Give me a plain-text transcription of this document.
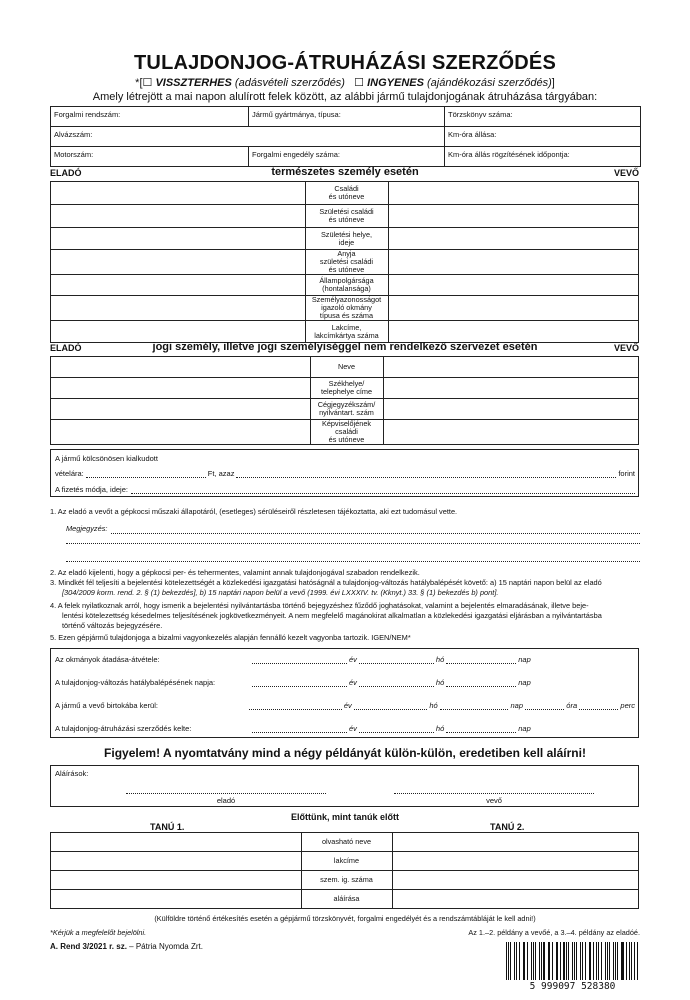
TULAJDONJOG-ÁTRUHÁZÁSI SZERZŐDÉS
*[☐ VISSZTERHES (adásvételi szerződés) ☐ INGYENES (ajándékozási szerződés)]
Amely létrejött a mai napon alulírott felek között, az alábbi jármű tulajdonjogának átruházása tárgyában:
Forgalmi rendszám:	Jármű gyártmánya, típusa:	Törzskönyv száma:
Alvázszám:	Km-óra állása:
Motorszám:	Forgalmi engedély száma:	Km-óra állás rögzítésének időpontja:
ELADÓ	természetes személy esetén	VEVŐ
	Családi
és utóneve	
	Születési családi
és utóneve	
	Születési helye,
ideje	
	Anyja
születési családi
és utóneve	
	Állampolgársága
(hontalansága)	
	Személyazonosságot
igazoló okmány
típusa és száma	
	Lakcíme,
lakcímkártya száma	
ELADÓ	jogi személy, illetve jogi személyiséggel nem rendelkező szervezet esetén	VEVŐ
	Neve	
	Székhelye/
telephelye címe	
	Cégjegyzékszám/
nyilvántart. szám	
	Képviselőjének
családi
és utóneve	
A jármű kölcsönösen kialkudott
vételára:	Ft, azaz	forint
A fizetés módja, ideje:
1. Az eladó a vevőt a gépkocsi műszaki állapotáról, (esetleges) sérüléseiről részletesen tájékoztatta, aki ezt tudomásul vette.
Megjegyzés:
2. Az eladó kijelenti, hogy a gépkocsi per- és tehermentes, valamint annak tulajdonjogával szabadon rendelkezik.
3. Mindkét fél teljesíti a bejelentési kötelezettségét a közlekedési igazgatási hatóságnál a tulajdonjog-változás hatálybalépését követő: a) 15 naptári napon belül az eladó
[304/2009 korm. rend. 2. § (1) bekezdés], b) 15 naptári napon belül a vevő (1999. évi LXXXIV. tv. (Kknyt.) 33. § (1) bekezdés b) pont].
4. A felek nyilatkoznak arról, hogy ismerik a bejelentési nyilvántartásba történő bejegyzéshez fűződő joghatásokat, valamint a bejelentés elmaradásának, illetve beje-
lentési kötelezettség késedelmes teljesítésének jogkövetkezményeit. A nem megfelelő magánokirat alkalmatlan a közlekedési igazgatási eljárásban a nyilvántartásba
történő változás bejegyzésére.
5. Ezen gépjármű tulajdonjoga a bizalmi vagyonkezelés alapján fennálló kezelt vagyonba tartozik. IGEN/NEM*
Az okmányok átadása-átvétele:	év	hó	nap
A tulajdonjog-változás hatálybalépésének napja:	év	hó	nap
A jármű a vevő birtokába kerül:	év	hó	nap	óra	perc
A tulajdonjog-átruházási szerződés kelte:	év	hó	nap
Figyelem! A nyomtatvány mind a négy példányát külön-külön, eredetiben kell aláírni!
Aláírások:
eladó	vevő
Előttünk, mint tanúk előtt
TANÚ 1.	TANÚ 2.
	olvasható neve	
	lakcíme	
	szem. ig. száma	
	aláírása	
(Külföldre történő értékesítés esetén a gépjármű törzskönyvét, forgalmi engedélyét és a rendszámtábláját le kell adni!)
*Kérjük a megfelelőt bejelölni.	Az 1.–2. példány a vevőé, a 3.–4. példány az eladóé.
A. Rend 3/2021 r. sz. – Pátria Nyomda Zrt.
5 999097 528380
